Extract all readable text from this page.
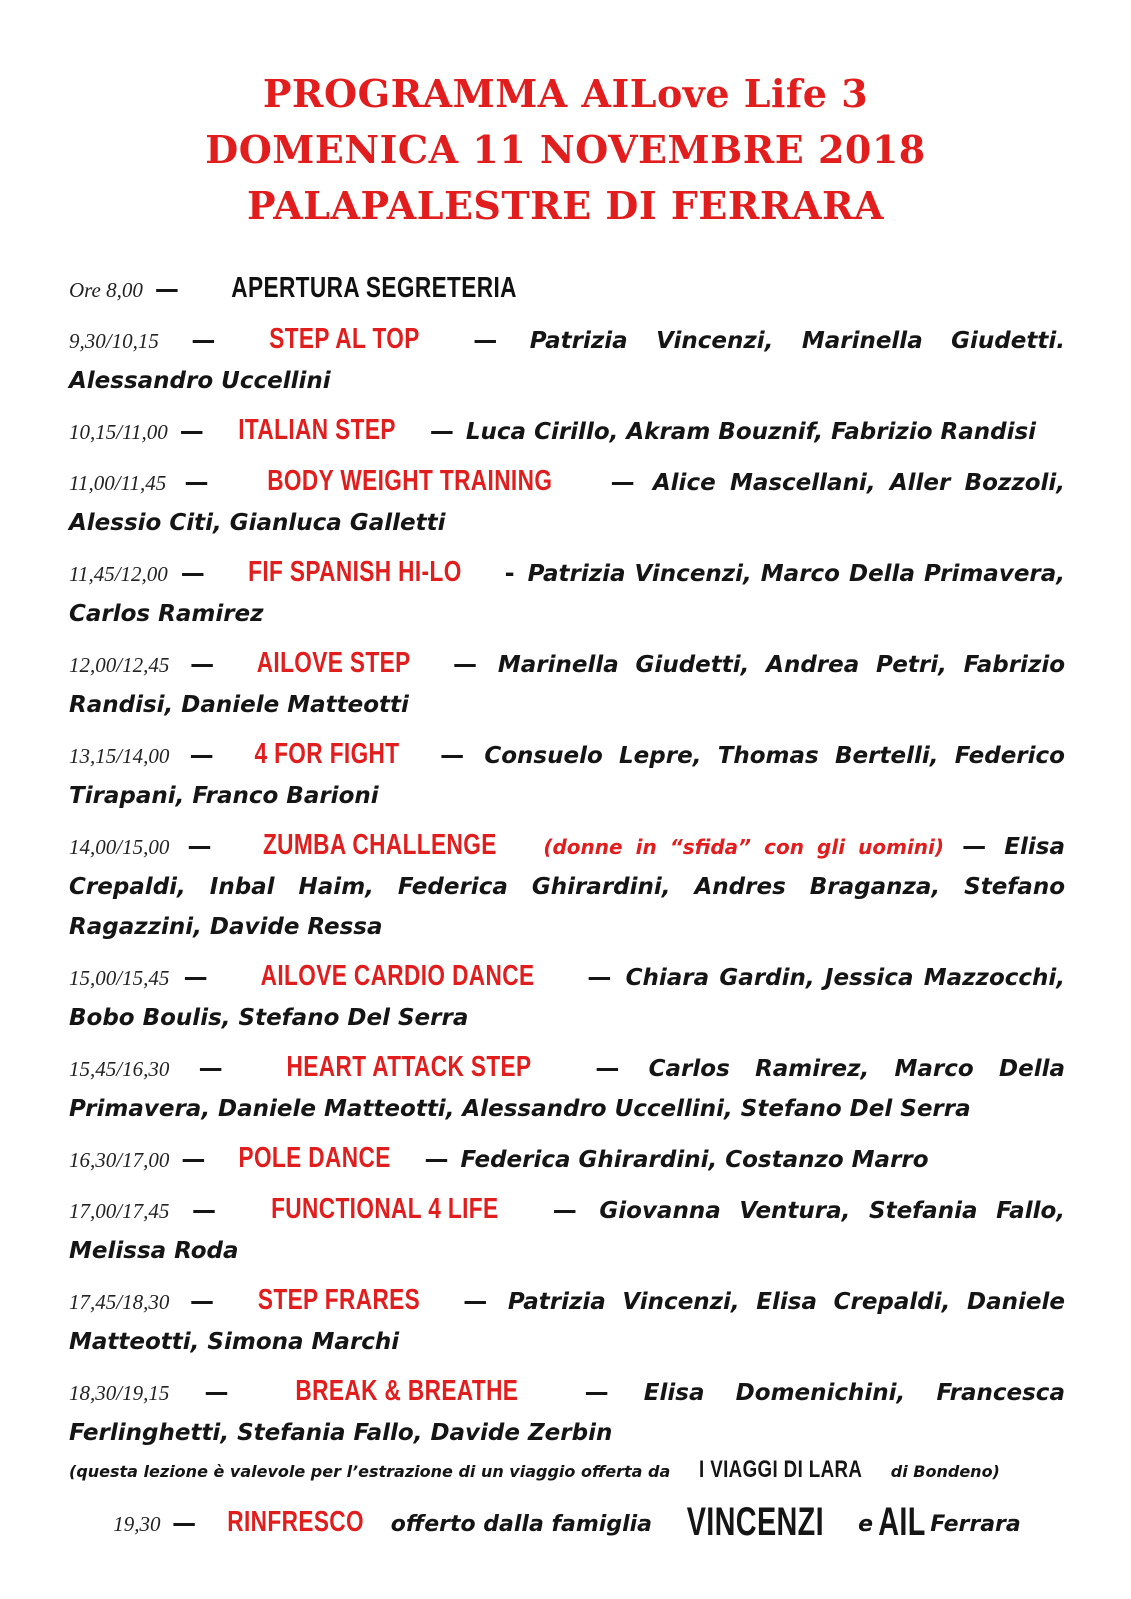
PROGRAMMA AILove Life 3
DOMENICA 11 NOVEMBRE 2018
PALAPALESTRE DI FERRARA
Ore 8,00 — APERTURA SEGRETERIA
9,30/10,15 — STEP AL TOP — Patrizia Vincenzi, Marinella Giudetti. Alessandro Uccellini
10,15/11,00 — ITALIAN STEP — Luca Cirillo, Akram Bouznif, Fabrizio Randisi
11,00/11,45 — BODY WEIGHT TRAINING — Alice Mascellani, Aller Bozzoli, Alessio Citi, Gianluca Galletti
11,45/12,00 — FIF SPANISH HI-LO - Patrizia Vincenzi, Marco Della Primavera, Carlos Ramirez
12,00/12,45 — AILOVE STEP — Marinella Giudetti, Andrea Petri, Fabrizio Randisi, Daniele Matteotti
13,15/14,00 — 4 FOR FIGHT — Consuelo Lepre, Thomas Bertelli, Federico Tirapani, Franco Barioni
14,00/15,00 — ZUMBA CHALLENGE (donne in “sfida” con gli uomini) — Elisa Crepaldi, Inbal Haim, Federica Ghirardini, Andres Braganza, Stefano Ragazzini, Davide Ressa
15,00/15,45 — AILOVE CARDIO DANCE — Chiara Gardin, Jessica Mazzocchi, Bobo Boulis, Stefano Del Serra
15,45/16,30 — HEART ATTACK STEP	— Carlos Ramirez, Marco Della Primavera, Daniele Matteotti, Alessandro Uccellini, Stefano Del Serra
16,30/17,00 — POLE DANCE — Federica Ghirardini, Costanzo Marro
17,00/17,45 — FUNCTIONAL 4 LIFE — Giovanna Ventura, Stefania Fallo, Melissa Roda
17,45/18,30 — STEP FRARES — Patrizia Vincenzi, Elisa Crepaldi, Daniele Matteotti, Simona Marchi
18,30/19,15 — BREAK & BREATHE	— Elisa Domenichini, Francesca Ferlinghetti, Stefania Fallo, Davide Zerbin
(questa lezione è valevole per l’estrazione di un viaggio offerta da I VIAGGI DI LARA di Bondeno)
19,30 — RINFRESCO offerto dalla famiglia VINCENZI e AIL Ferrara
